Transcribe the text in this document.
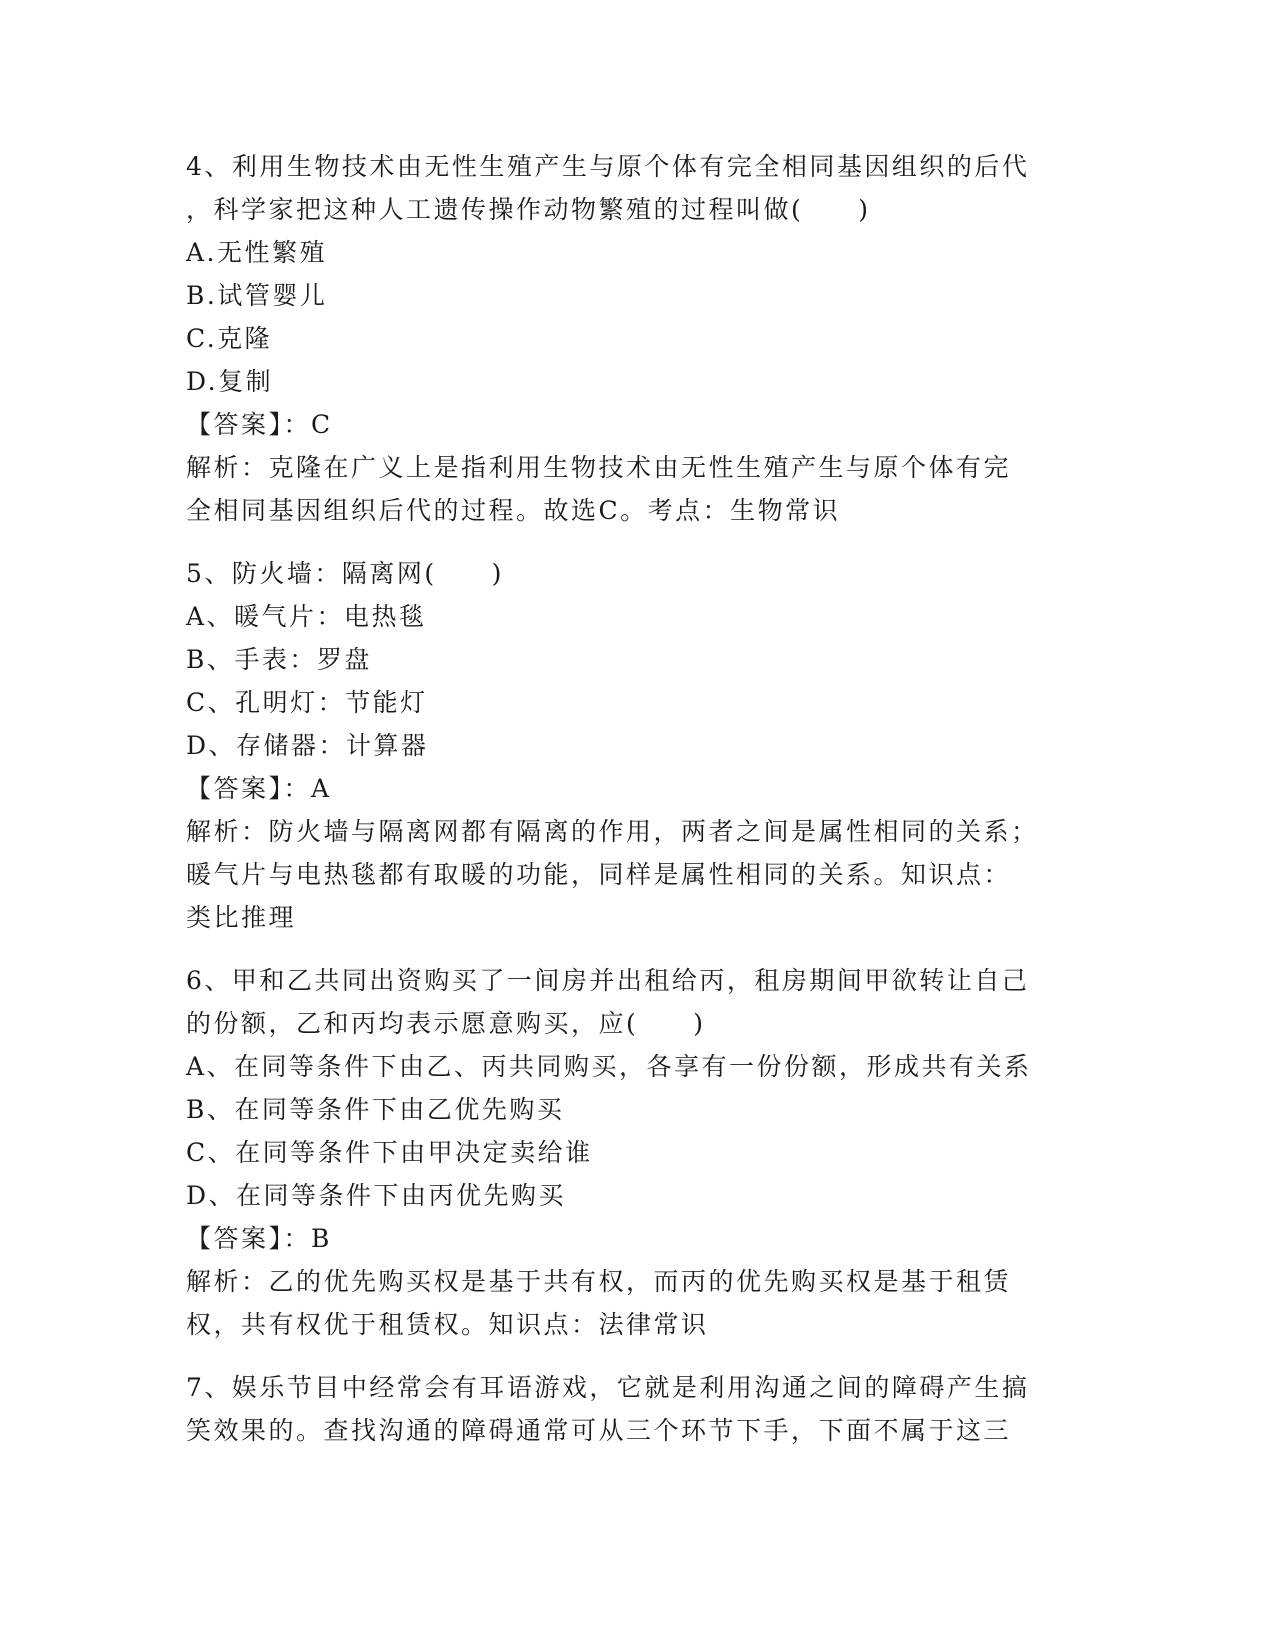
4、利用生物技术由无性生殖产生与原个体有完全相同基因组织的后代
，科学家把这种人工遗传操作动物繁殖的过程叫做(　　)
A.无性繁殖
B.试管婴儿
C.克隆
D.复制
【答案】：C
解析：克隆在广义上是指利用生物技术由无性生殖产生与原个体有完
全相同基因组织后代的过程。故选C。考点：生物常识
5、防火墙：隔离网(　　)
A、暖气片：电热毯
B、手表：罗盘
C、孔明灯：节能灯
D、存储器：计算器
【答案】：A
解析：防火墙与隔离网都有隔离的作用，两者之间是属性相同的关系；
暖气片与电热毯都有取暖的功能，同样是属性相同的关系。知识点：
类比推理
6、甲和乙共同出资购买了一间房并出租给丙，租房期间甲欲转让自己
的份额，乙和丙均表示愿意购买，应(　　)
A、在同等条件下由乙、丙共同购买，各享有一份份额，形成共有关系
B、在同等条件下由乙优先购买
C、在同等条件下由甲决定卖给谁
D、在同等条件下由丙优先购买
【答案】：B
解析：乙的优先购买权是基于共有权，而丙的优先购买权是基于租赁
权，共有权优于租赁权。知识点：法律常识
7、娱乐节目中经常会有耳语游戏，它就是利用沟通之间的障碍产生搞
笑效果的。查找沟通的障碍通常可从三个环节下手，下面不属于这三
